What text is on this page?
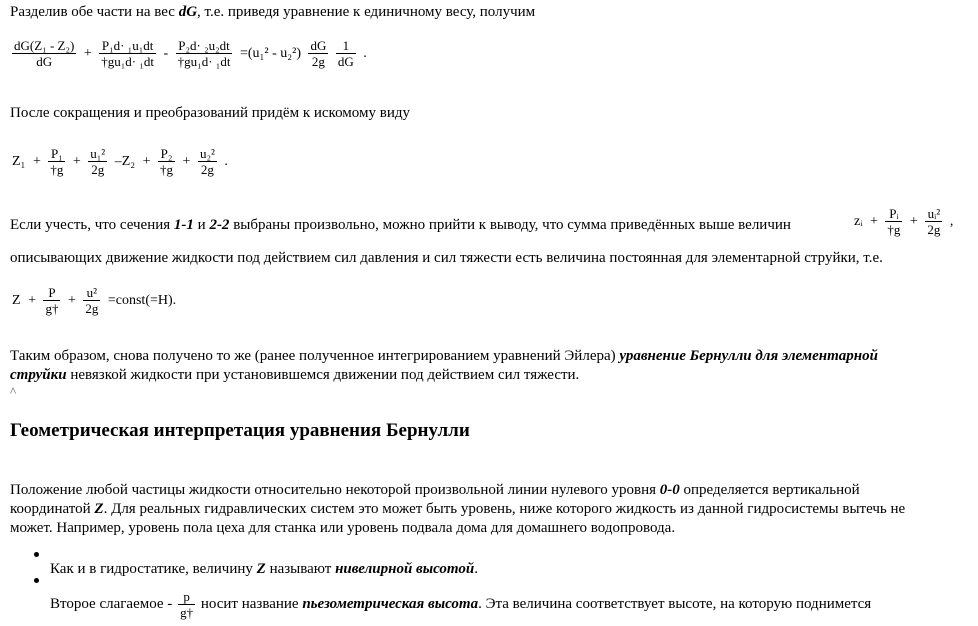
Разделив обе части на вес dG, т.е. приведя уравнение к единичному весу, получим
$\frac{\text{dG(Z₁ - Z₂)}}{dG} + \frac{\text{P₁d· ₁u₁dt}}{\text{†gu₁d· ₁dt}} - \frac{\text{P₂d· ₂u₂dt}}{\text{†gu₁d· ₁dt}} =(u_1^2 - u_2^2) \frac{dG}{2g}$
$\frac{1}{dG}$ .
После сокращения и преобразований придём к искомому виду
$Z_1 + \frac{\text{P₁}}{\dagger g} + \frac{\text{u₁²}}{2g} -Z_2 + \frac{\text{P₂}}{\dagger g} + \frac{\text{u₂²}}{2g}$ .
Если учесть, что сечения 1-1 и 2-2 выбраны произвольно, можно прийти к выводу, что сумма приведённых выше величин	zᵢ + $\frac{\text{Pᵢ}}{\dagger g} + \frac{\text{uᵢ²}}{2g}$ ,
описывающих движение жидкости под действием сил давления и сил тяжести есть величина постоянная для элементарной струйки, т.е.
$Z + \frac{P}{g\dagger} + \frac{\text{u²}}{2g}$ =const(=H).
Таким образом, снова получено то же (ранее полученное интегрированием уравнений Эйлера) уравнение Бернулли для элементарной
струйки невязкой жидкости при установившемся движении под действием сил тяжести.
^
Геометрическая интерпретация уравнения Бернулли
Положение любой частицы жидкости относительно некоторой произвольной линии нулевого уровня 0-0 определяется вертикальной
координатой Z. Для реальных гидравлических систем это может быть уровень, ниже которого жидкость из данной гидросистемы вытечь не
может. Например, уровень пола цеха для станка или уровень подвала дома для домашнего водопровода.
Как и в гидростатике, величину Z называют нивелирной высотой.
Второе слагаемое - $\frac{p}{g\dagger}$ носит название пьезометрическая высота. Эта величина соответствует высоте, на которую поднимется
